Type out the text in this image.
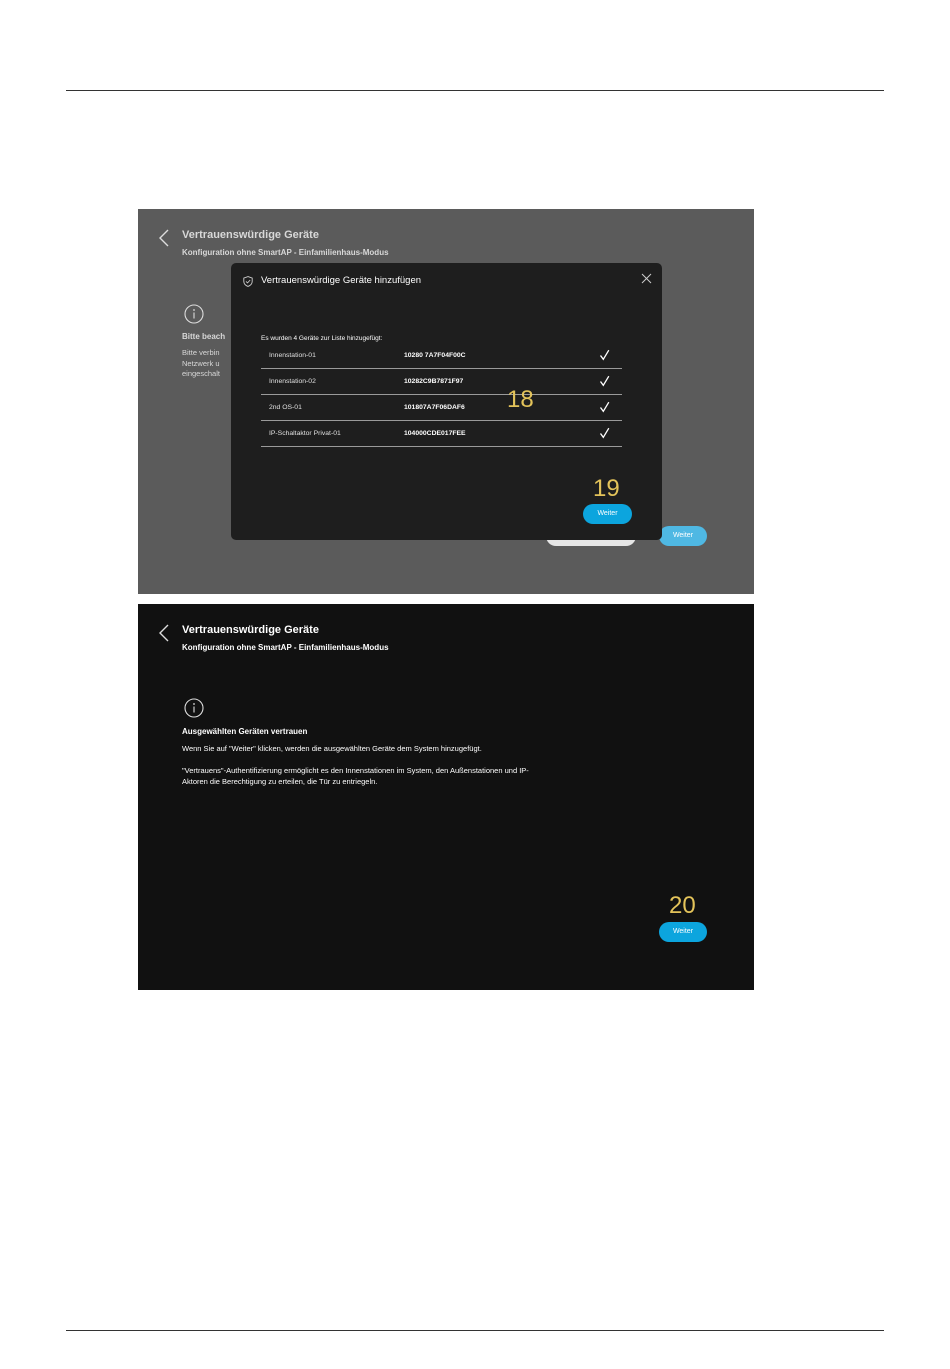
Vertrauenswürdige Geräte
Konfiguration ohne SmartAP - Einfamilienhaus-Modus
Bitte beach
Bitte verbin
Netzwerk u
eingeschalt
Weiter
Vertrauenswürdige Geräte hinzufügen
Es wurden 4 Geräte zur Liste hinzugefügt:
Innenstation-01	10280 7A7F04F00C
Innenstation-02	10282C9B7871F97
2nd OS-01	101807A7F06DAF6
IP-Schaltaktor Privat-01	104000CDE017FEE
Weiter
18
19
Vertrauenswürdige Geräte
Konfiguration ohne SmartAP - Einfamilienhaus-Modus
Ausgewählten Geräten vertrauen
Wenn Sie auf "Weiter" klicken, werden die ausgewählten Geräte dem System hinzugefügt.
"Vertrauens"-Authentifizierung ermöglicht es den Innenstationen im System, den Außenstationen und IP-
Aktoren die Berechtigung zu erteilen, die Tür zu entriegeln.
20
Weiter
